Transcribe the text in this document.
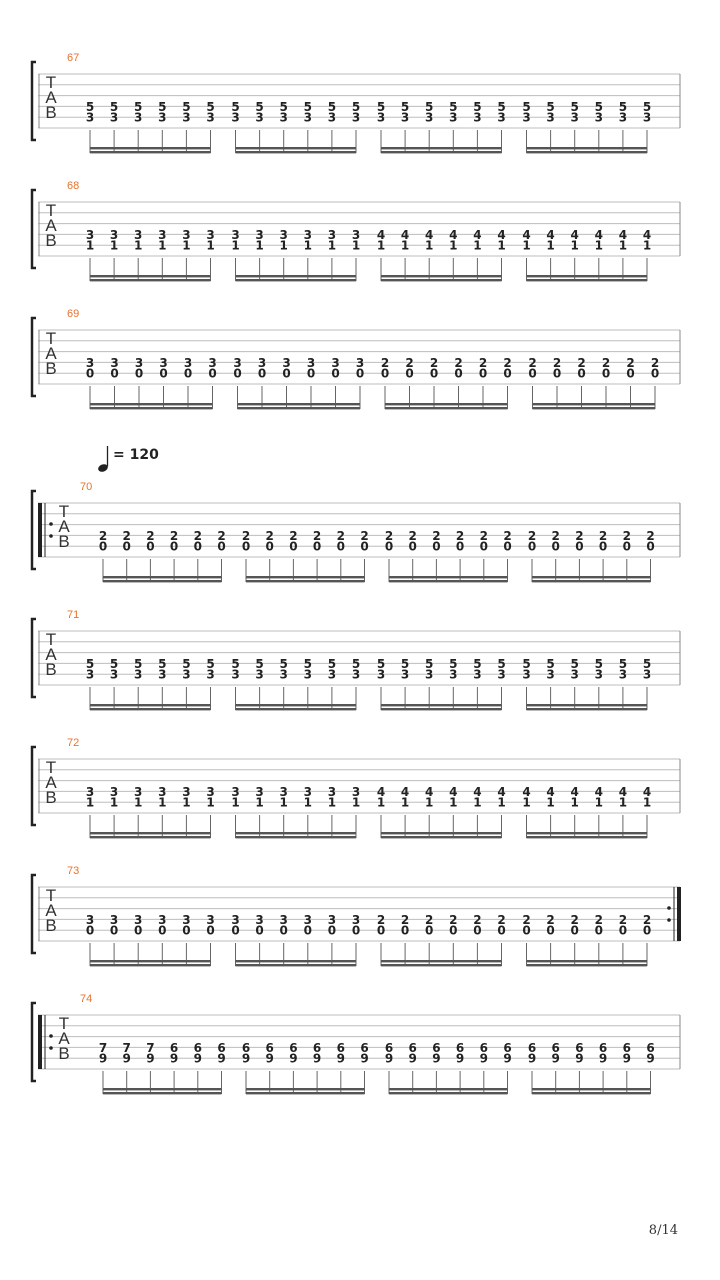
67
T
A
B 5
3
5
3
5
3
5
3
5
3
5
3
5
3
5
3
5
3
5
3
5
3
5
3
5
3
5
3
5
3
5
3
5
3
5
3
5
3
5
3
5
3
5
3
5
3
5
3
68
T
A
B 3
1
3
1
3
1
3
1
3
1
3
1
3
1
3
1
3
1
3
1
3
1
3
1
4
1
4
1
4
1
4
1
4
1
4
1
4
1
4
1
4
1
4
1
4
1
4
1
69
T
A
B 3
0
3
0
3
0
3
0
3
0
3
0
3
0
3
0
3
0
3
0
3
0
3
0
2
0
2
0
2
0
2
0
2
0
2
0
2
0
2
0
2
0
2
0
2
0
2
0
70
T
A
B 2
0
2
0
2
0
2
0
2
0
2
0
2
0
2
0
2
0
2
0
2
0
2
0
2
0
2
0
2
0
2
0
2
0
2
0
2
0
2
0
2
0
2
0
2
0
2
0
71
T
A
B 5
3
5
3
5
3
5
3
5
3
5
3
5
3
5
3
5
3
5
3
5
3
5
3
5
3
5
3
5
3
5
3
5
3
5
3
5
3
5
3
5
3
5
3
5
3
5
3
72
T
A
B 3
1
3
1
3
1
3
1
3
1
3
1
3
1
3
1
3
1
3
1
3
1
3
1
4
1
4
1
4
1
4
1
4
1
4
1
4
1
4
1
4
1
4
1
4
1
4
1
73
T
A
B 3
0
3
0
3
0
3
0
3
0
3
0
3
0
3
0
3
0
3
0
3
0
3
0
2
0
2
0
2
0
2
0
2
0
2
0
2
0
2
0
2
0
2
0
2
0
2
0
74
T
A
B 7
9
7
9
7
9
6
9
6
9
6
9
6
9
6
9
6
9
6
9
6
9
6
9
6
9
6
9
6
9
6
9
6
9
6
9
6
9
6
9
6
9
6
9
6
9
6
9
= 120
8/14
